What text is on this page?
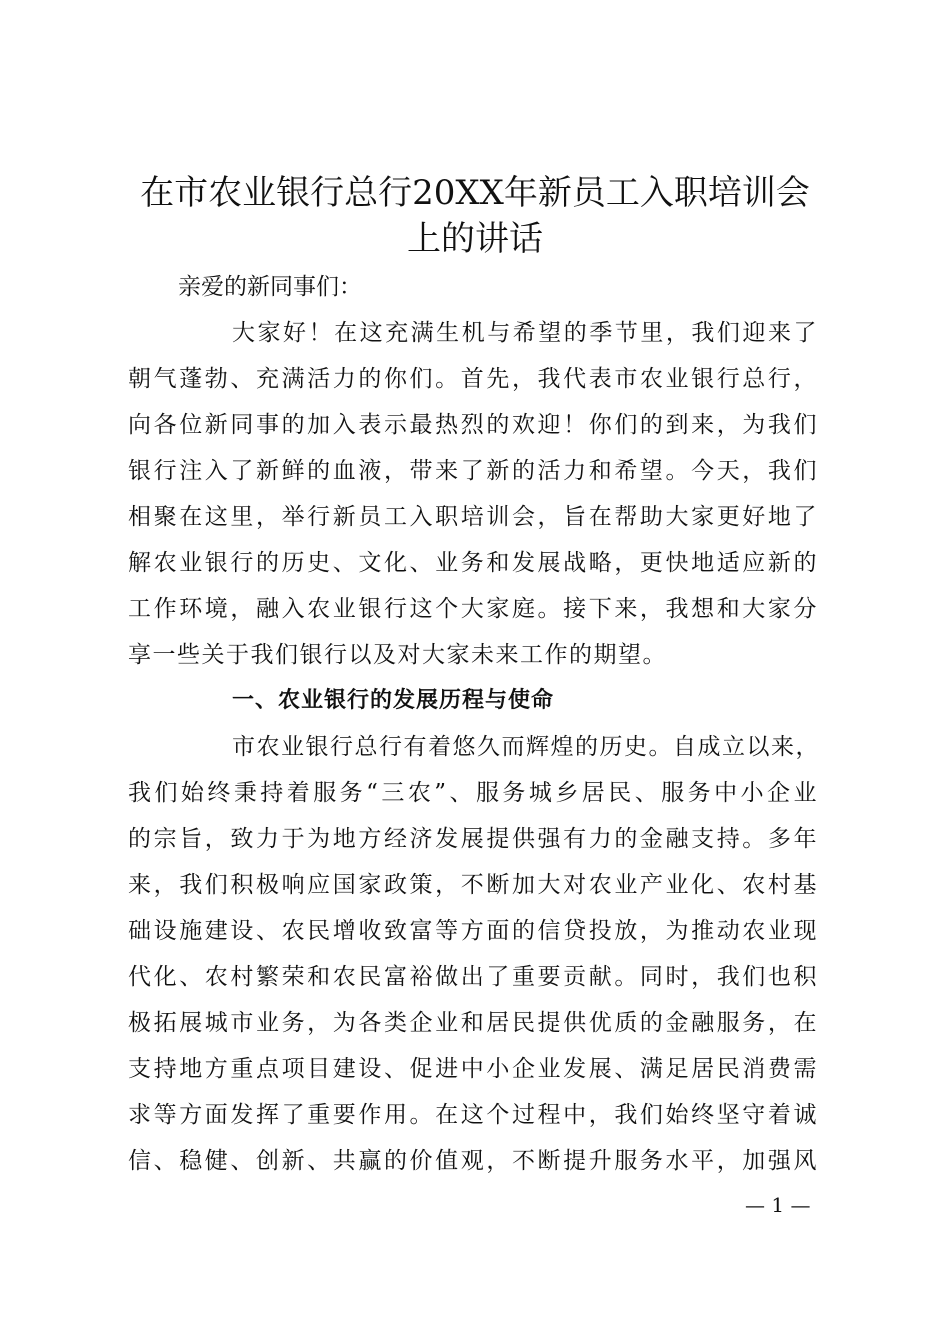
在市农业银行总行20XX年新员工入职培训会
上的讲话
亲爱的新同事们：
大家好！在这充满生机与希望的季节里，我们迎来了
朝气蓬勃、充满活力的你们。首先，我代表市农业银行总行，
向各位新同事的加入表示最热烈的欢迎！你们的到来，为我们
银行注入了新鲜的血液，带来了新的活力和希望。今天，我们
相聚在这里，举行新员工入职培训会，旨在帮助大家更好地了
解农业银行的历史、文化、业务和发展战略，更快地适应新的
工作环境，融入农业银行这个大家庭。接下来，我想和大家分
享一些关于我们银行以及对大家未来工作的期望。
一、农业银行的发展历程与使命
市农业银行总行有着悠久而辉煌的历史。自成立以来，
我们始终秉持着服务“三农”、服务城乡居民、服务中小企业
的宗旨，致力于为地方经济发展提供强有力的金融支持。多年
来，我们积极响应国家政策，不断加大对农业产业化、农村基
础设施建设、农民增收致富等方面的信贷投放，为推动农业现
代化、农村繁荣和农民富裕做出了重要贡献。同时，我们也积
极拓展城市业务，为各类企业和居民提供优质的金融服务，在
支持地方重点项目建设、促进中小企业发展、满足居民消费需
求等方面发挥了重要作用。在这个过程中，我们始终坚守着诚
信、稳健、创新、共赢的价值观，不断提升服务水平，加强风
— 1 —
